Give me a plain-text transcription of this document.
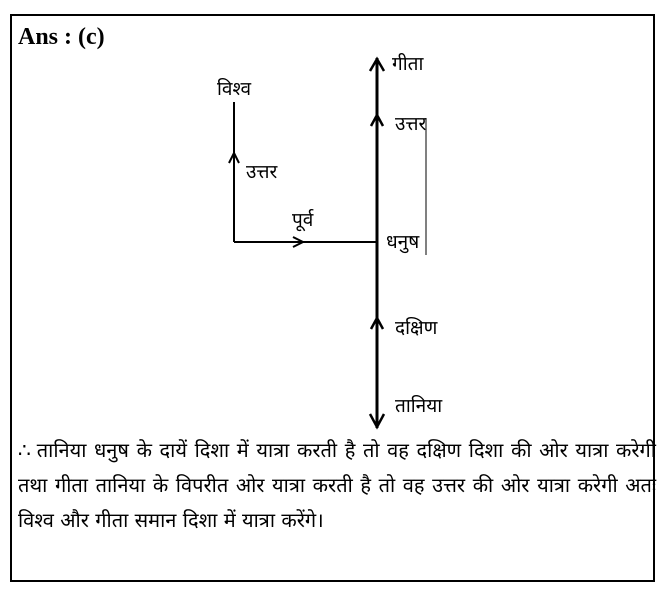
Ans : (c)
विश्व
उत्तर
पूर्व
गीता
उत्तर
धनुष
दक्षिण
तानिया
∴ तानिया धनुष के दायें दिशा में यात्रा करती है तो वह दक्षिण दिशा की ओर यात्रा करेगी तथा गीता तानिया के विपरीत ओर यात्रा करती है तो वह उत्तर की ओर यात्रा करेगी अतः विश्व और गीता समान दिशा में यात्रा करेंगे।
